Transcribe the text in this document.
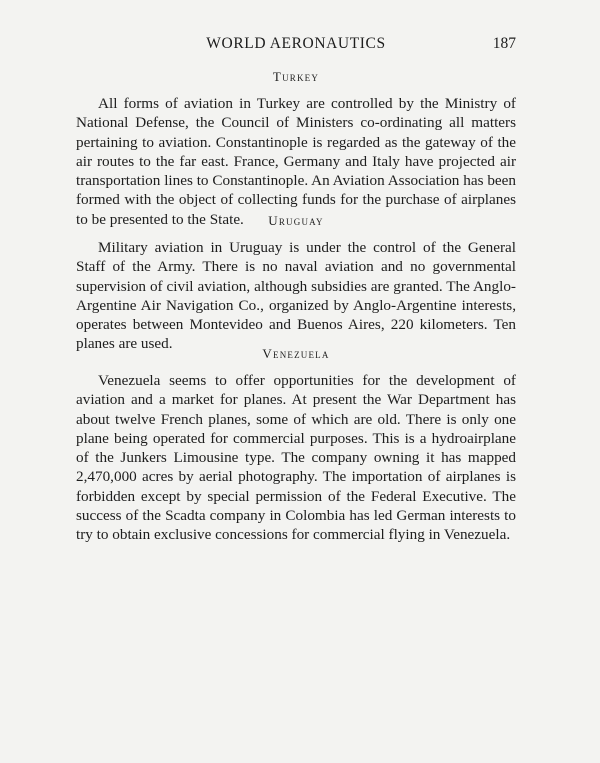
WORLD AERONAUTICS	187
Turkey

All forms of aviation in Turkey are controlled by the Ministry of National Defense, the Council of Ministers co-ordinating all matters pertaining to aviation. Constantinople is regarded as the gateway of the air routes to the far east. France, Germany and Italy have projected air transportation lines to Constantinople. An Aviation Association has been formed with the object of collecting funds for the purchase of airplanes to be presented to the State.	Uruguay

Military aviation in Uruguay is under the control of the General Staff of the Army. There is no naval aviation and no governmental supervision of civil aviation, although subsidies are granted. The Anglo-Argentine Air Navigation Co., organized by Anglo-Argentine interests, operates between Montevideo and Buenos Aires, 220 kilometers. Ten planes are used.

Venezuela

Venezuela seems to offer opportunities for the development of aviation and a market for planes. At present the War Department has about twelve French planes, some of which are old. There is only one plane being operated for commercial purposes. This is a hydroairplane of the Junkers Limousine type. The company owning it has mapped 2,470,000 acres by aerial photography. The importation of airplanes is forbidden except by special permission of the Federal Executive. The success of the Scadta company in Colombia has led German interests to try to obtain exclusive concessions for commercial flying in Venezuela.
